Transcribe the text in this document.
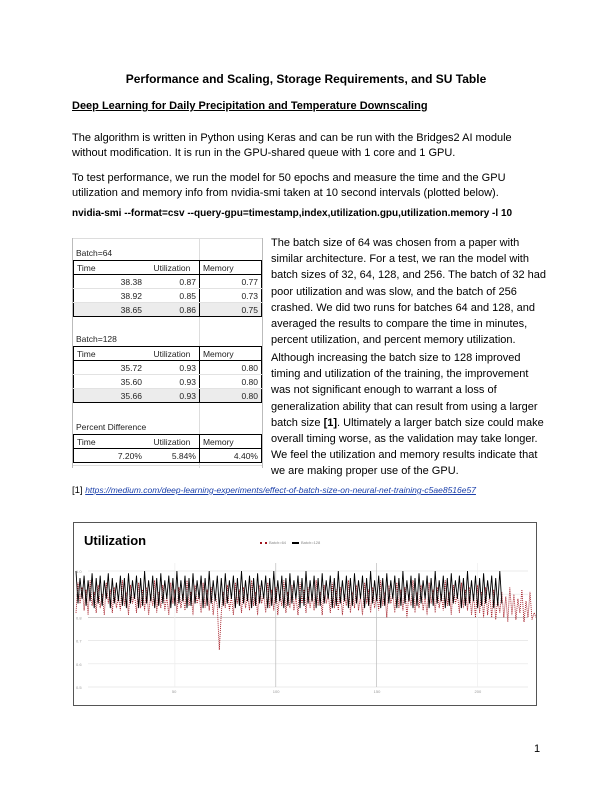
Performance and Scaling, Storage Requirements, and SU Table
Deep Learning for Daily Precipitation and Temperature Downscaling
The algorithm is written in Python using Keras and can be run with the Bridges2 AI module without modification. It is run in the GPU-shared queue with 1 core and 1 GPU.
To test performance, we run the model for 50 epochs and measure the time and the GPU utilization and memory info from nvidia-smi taken at 10 second intervals (plotted below).
nvidia-smi --format=csv --query-gpu=timestamp,index,utilization.gpu,utilization.memory -l 10
Batch=64
Time	Utilization	Memory
38.38	0.87	0.77
38.92	0.85	0.73
38.65	0.86	0.75
Batch=128
Time	Utilization	Memory
35.72	0.93	0.80
35.60	0.93	0.80
35.66	0.93	0.80
Percent Difference
Time	Utilization	Memory
7.20%	5.84%	4.40%
The batch size of 64 was chosen from a paper with similar architecture. For a test, we ran the model with batch sizes of 32, 64, 128, and 256. The batch of 32 had poor utilization and was slow, and the batch of 256 crashed. We did two runs for batches 64 and 128, and averaged the results to compare the time in minutes, percent utilization, and percent memory utilization.
Although increasing the batch size to 128 improved timing and utilization of the training, the improvement was not significant enough to warrant a loss of generalization ability that can result from using a larger batch size [1]. Ultimately a larger batch size could make overall timing worse, as the validation may take longer. We feel the utilization and memory results indicate that we are making proper use of the GPU.
[1] https://medium.com/deep-learning-experiments/effect-of-batch-size-on-neural-net-training-c5ae8516e57
Utilization	Batch=64	Batch=128
1.0
0.9
0.8
0.7
0.6
0.5
50	100	150	200
1
